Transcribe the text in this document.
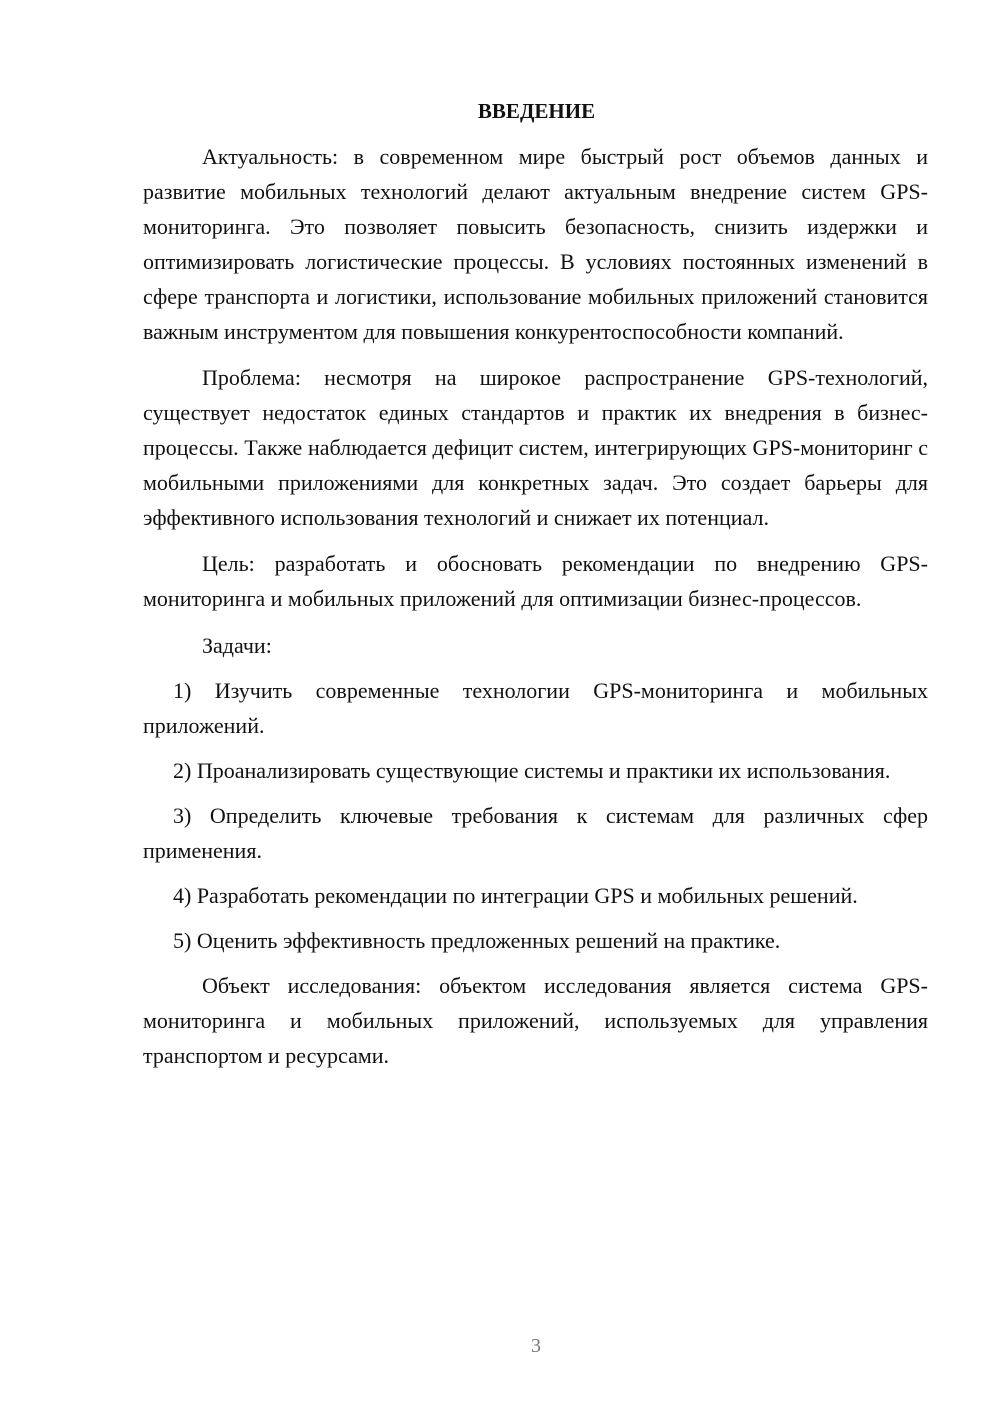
ВВЕДЕНИЕ

Актуальность: в современном мире быстрый рост объемов данных и развитие мобильных технологий делают актуальным внедрение систем GPS-мониторинга. Это позволяет повысить безопасность, снизить издержки и оптимизировать логистические процессы. В условиях постоянных изменений в сфере транспорта и логистики, использование мобильных приложений становится важным инструментом для повышения конкурентоспособности компаний.

Проблема: несмотря на широкое распространение GPS-технологий, существует недостаток единых стандартов и практик их внедрения в бизнес-процессы. Также наблюдается дефицит систем, интегрирующих GPS-мониторинг с мобильными приложениями для конкретных задач. Это создает барьеры для эффективного использования технологий и снижает их потенциал.

Цель: разработать и обосновать рекомендации по внедрению GPS-мониторинга и мобильных приложений для оптимизации бизнес-процессов.

Задачи:

1) Изучить современные технологии GPS-мониторинга и мобильных приложений.

2) Проанализировать существующие системы и практики их использования.

3) Определить ключевые требования к системам для различных сфер применения.

4) Разработать рекомендации по интеграции GPS и мобильных решений.

5) Оценить эффективность предложенных решений на практике.

Объект исследования: объектом исследования является система GPS-мониторинга и мобильных приложений, используемых для управления транспортом и ресурсами.

3
